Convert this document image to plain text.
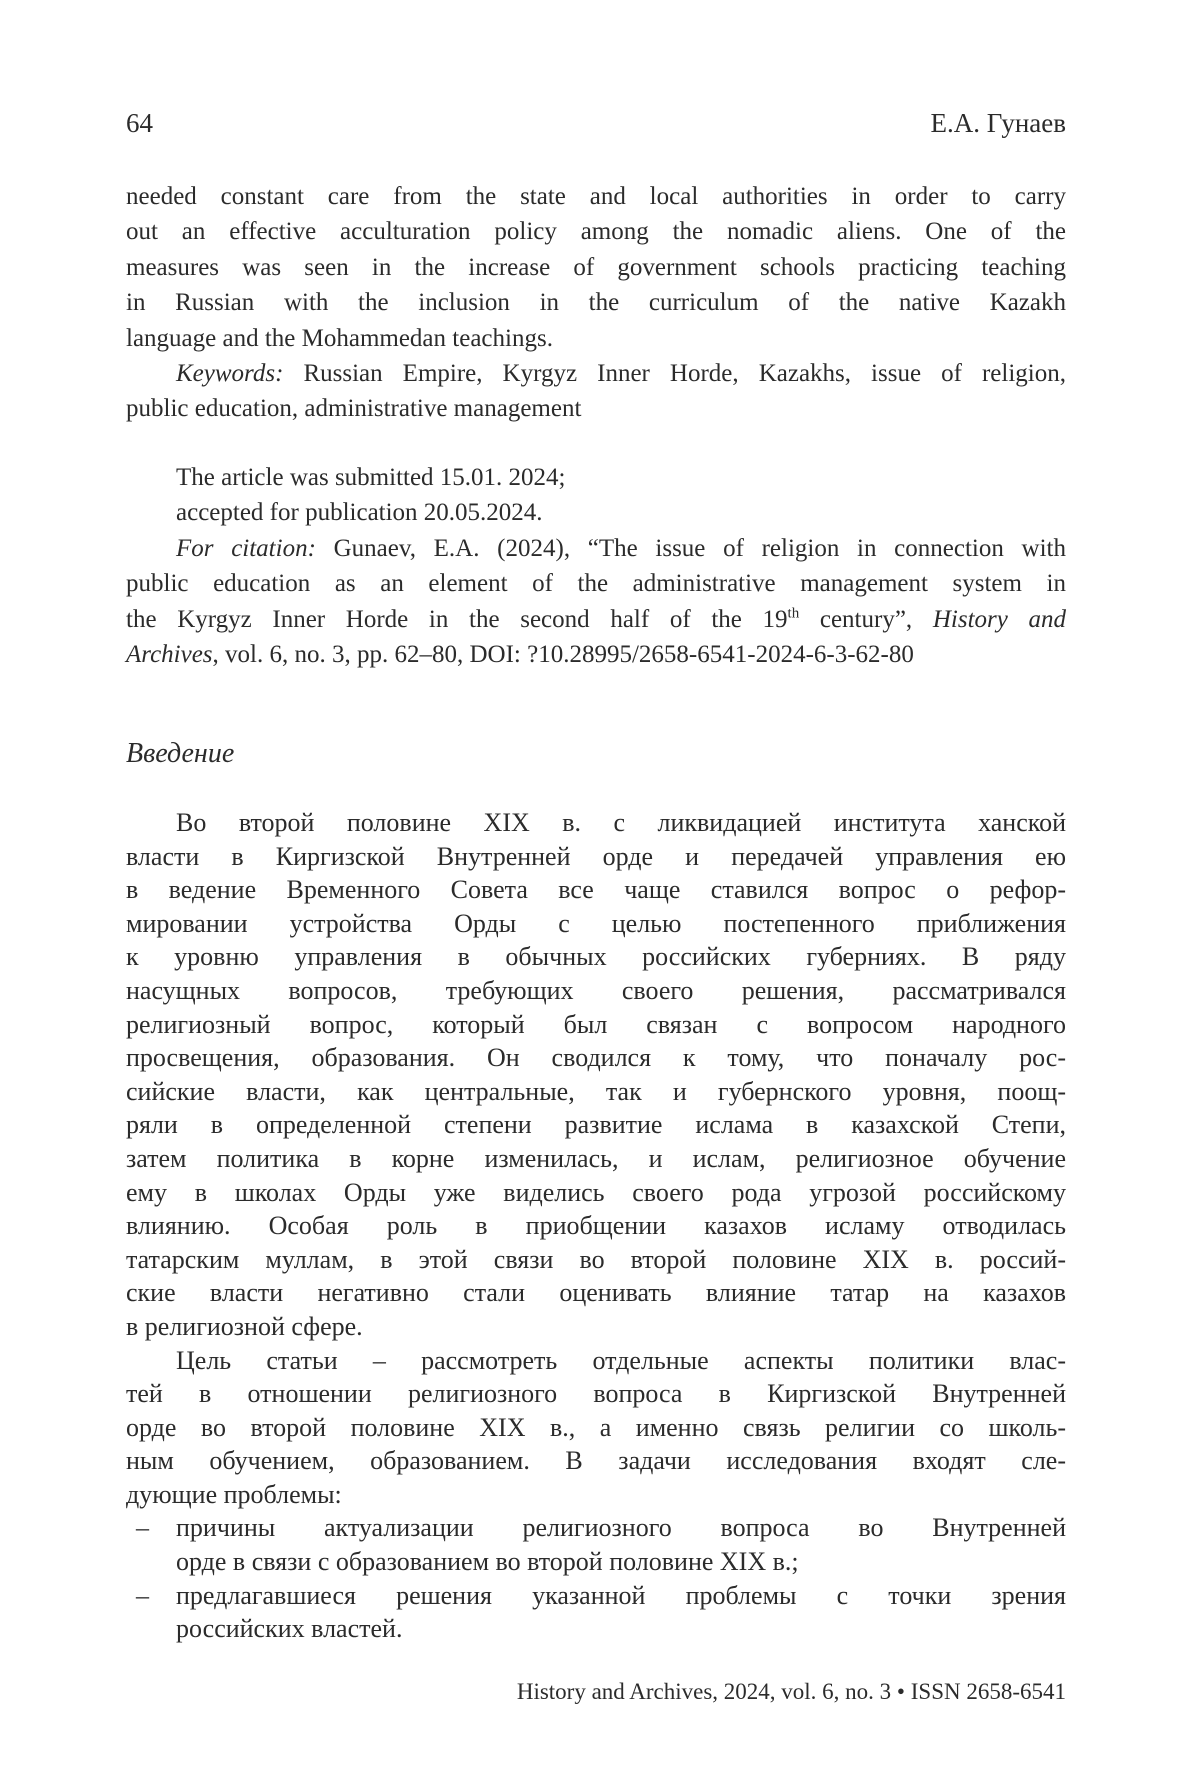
64	Е.А. Гунаев
needed constant care from the state and local authorities in order to carry
out an effective acculturation policy among the nomadic aliens. One of the
measures was seen in the increase of government schools practicing teaching
in Russian with the inclusion in the curriculum of the native Kazakh
language and the Mohammedan teachings.
Keywords: Russian Empire, Kyrgyz Inner Horde, Kazakhs, issue of religion,
public education, administrative management
The article was submitted 15.01. 2024;
accepted for publication 20.05.2024.
For citation: Gunaev, E.A. (2024), “The issue of religion in connection with
public education as an element of the administrative management system in
the Kyrgyz Inner Horde in the second half of the 19th century”, History and
Archives, vol. 6, no. 3, pp. 62–80, DOI: ?10.28995/2658-6541-2024-6-3-62-80
Введение
Во второй половине XIX в. с ликвидацией института ханской
власти в Киргизской Внутренней орде и передачей управления ею
в ведение Временного Совета все чаще ставился вопрос о рефор-
мировании устройства Орды с целью постепенного приближения
к уровню управления в обычных российских губерниях. В ряду
насущных вопросов, требующих своего решения, рассматривался
религиозный вопрос, который был связан с вопросом народного
просвещения, образования. Он сводился к тому, что поначалу рос-
сийские власти, как центральные, так и губернского уровня, поощ-
ряли в определенной степени развитие ислама в казахской Степи,
затем политика в корне изменилась, и ислам, религиозное обучение
ему в школах Орды уже виделись своего рода угрозой российскому
влиянию. Особая роль в приобщении казахов исламу отводилась
татарским муллам, в этой связи во второй половине XIX в. россий-
ские власти негативно стали оценивать влияние татар на казахов
в религиозной сфере.
Цель статьи – рассмотреть отдельные аспекты политики влас-
тей в отношении религиозного вопроса в Киргизской Внутренней
орде во второй половине XIX в., а именно связь религии со школь-
ным обучением, образованием. В задачи исследования входят сле-
дующие проблемы:
– причины актуализации религиозного вопроса во Внутренней
орде в связи с образованием во второй половине XIX в.;
– предлагавшиеся решения указанной проблемы с точки зрения
российских властей.
History and Archives, 2024, vol. 6, no. 3 • ISSN 2658-6541
